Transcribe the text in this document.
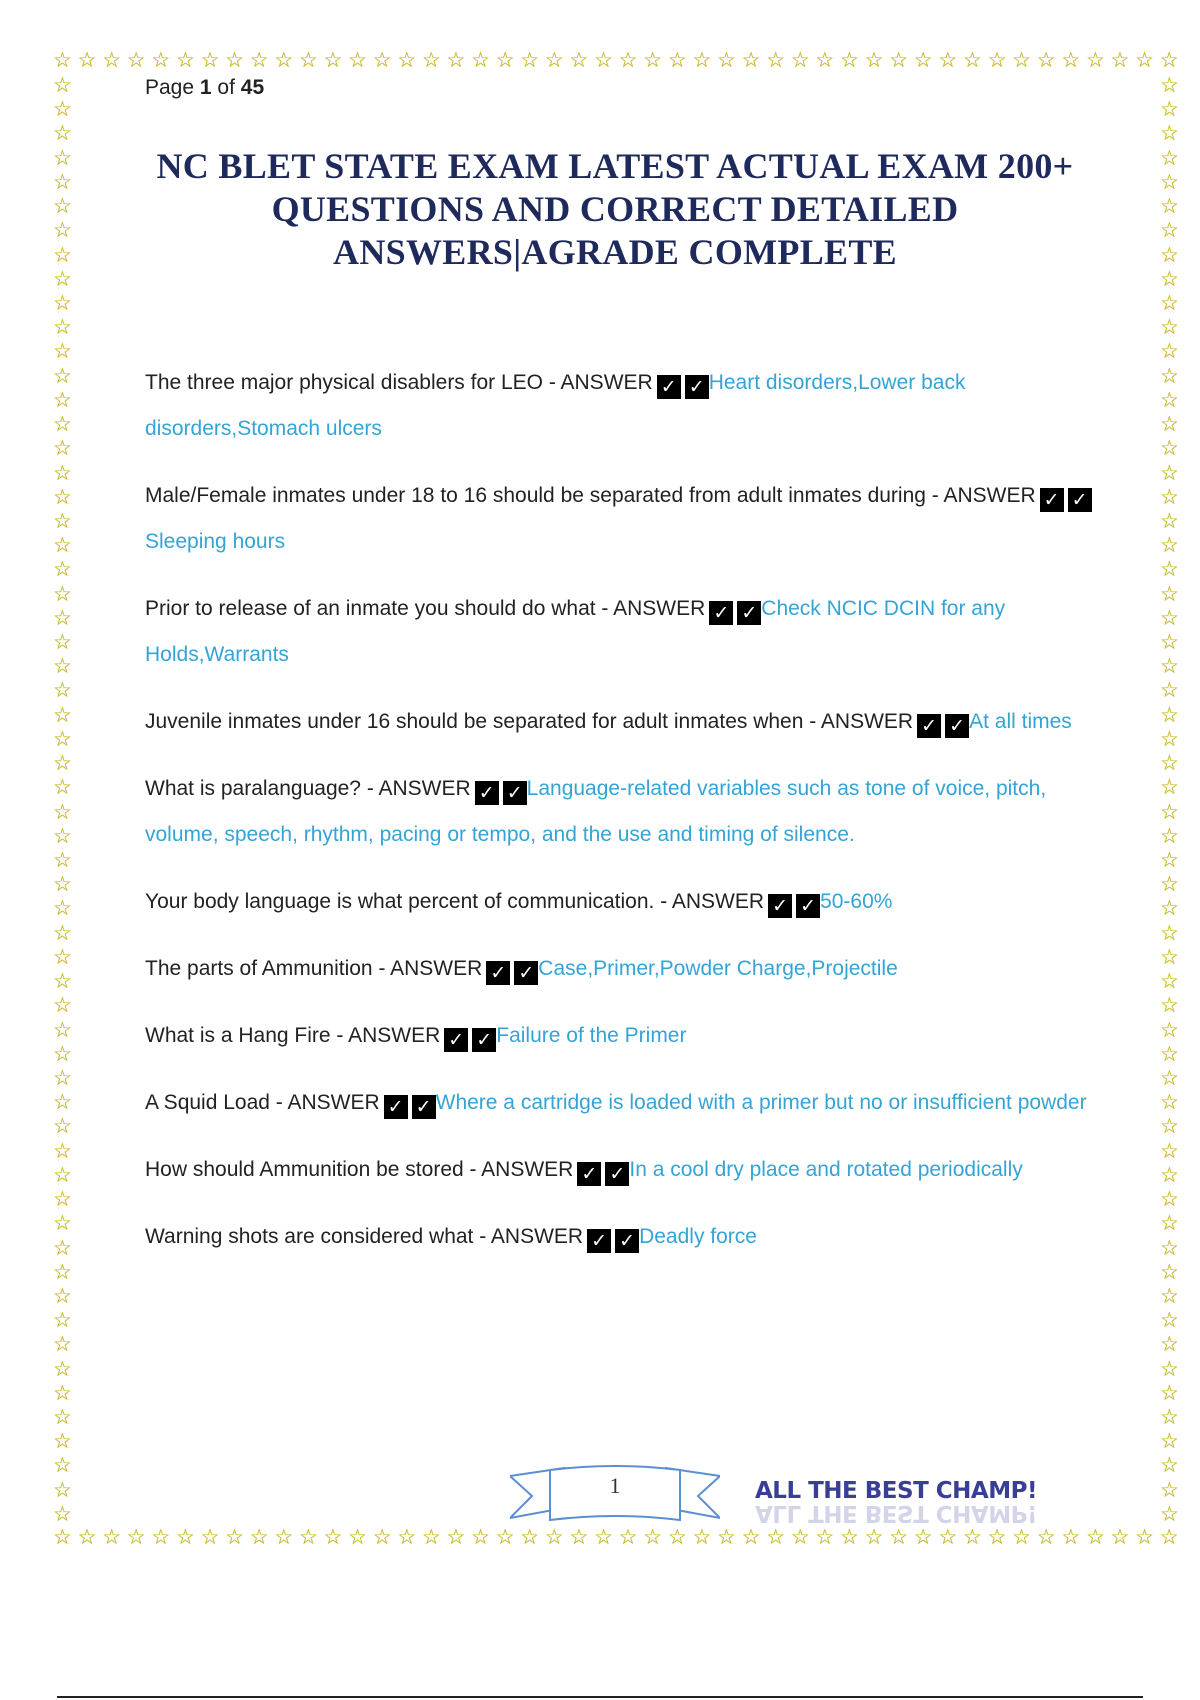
☆ ☆ ☆ ☆ ☆ ☆ ☆ ☆ ☆ ☆ ☆ ☆ ☆ ☆ ☆ ☆ ☆ ☆ ☆ ☆ ☆ ☆ ☆ ☆ ☆ ☆ ☆ ☆ ☆ ☆ ☆ ☆ ☆ ☆ ☆ ☆ ☆ ☆ ☆ ☆ ☆ ☆ ☆ ☆ ☆ ☆
☆ ☆ ☆ ☆ ☆ ☆ ☆ ☆ ☆ ☆ ☆ ☆ ☆ ☆ ☆ ☆ ☆ ☆ ☆ ☆ ☆ ☆ ☆ ☆ ☆ ☆ ☆ ☆ ☆ ☆ ☆ ☆ ☆ ☆ ☆ ☆ ☆ ☆ ☆ ☆ ☆ ☆ ☆ ☆ ☆ ☆
☆
☆
☆
☆
☆
☆
☆
☆
☆
☆
☆
☆
☆
☆
☆
☆
☆
☆
☆
☆
☆
☆
☆
☆
☆
☆
☆
☆
☆
☆
☆
☆
☆
☆
☆
☆
☆
☆
☆
☆
☆
☆
☆
☆
☆
☆
☆
☆
☆
☆
☆
☆
☆
☆
☆
☆
☆
☆
☆
☆
☆
☆
☆
☆
☆
☆
☆
☆
☆
☆
☆
☆
☆
☆
☆
☆
☆
☆
☆
☆
☆
☆
☆
☆
☆
☆
☆
☆
☆
☆
☆
☆
☆
☆
☆
☆
☆
☆
☆
☆
☆
☆
☆
☆
☆
☆
☆
☆
☆
☆
☆
☆
☆
☆
☆
☆
☆
☆
☆
☆
Page 1 of 45
NC BLET STATE EXAM LATEST ACTUAL EXAM 200+
QUESTIONS AND CORRECT DETAILED
ANSWERS|AGRADE COMPLETE
The three major physical disablers for LEO - ANSWER ✓ ✓ Heart disorders,Lower back disorders,Stomach ulcers
Male/Female inmates under 18 to 16 should be separated from adult inmates during - ANSWER ✓ ✓Sleeping hours
Prior to release of an inmate you should do what - ANSWER ✓ ✓ Check NCIC DCIN for any Holds,Warrants
Juvenile inmates under 16 should be separated for adult inmates when - ANSWER ✓ ✓ At all times
What is paralanguage? - ANSWER ✓ ✓ Language-related variables such as tone of voice, pitch, volume, speech, rhythm, pacing or tempo, and the use and timing of silence.
Your body language is what percent of communication. - ANSWER ✓ ✓ 50-60%
The parts of Ammunition - ANSWER ✓ ✓ Case,Primer,Powder Charge,Projectile
What is a Hang Fire - ANSWER ✓ ✓ Failure of the Primer
A Squid Load - ANSWER ✓ ✓ Where a cartridge is loaded with a primer but no or insufficient powder
How should Ammunition be stored - ANSWER ✓ ✓ In a cool dry place and rotated periodically
Warning shots are considered what - ANSWER ✓ ✓ Deadly force
1	ALL THE BEST CHAMP!
ALL THE BEST CHAMP!
